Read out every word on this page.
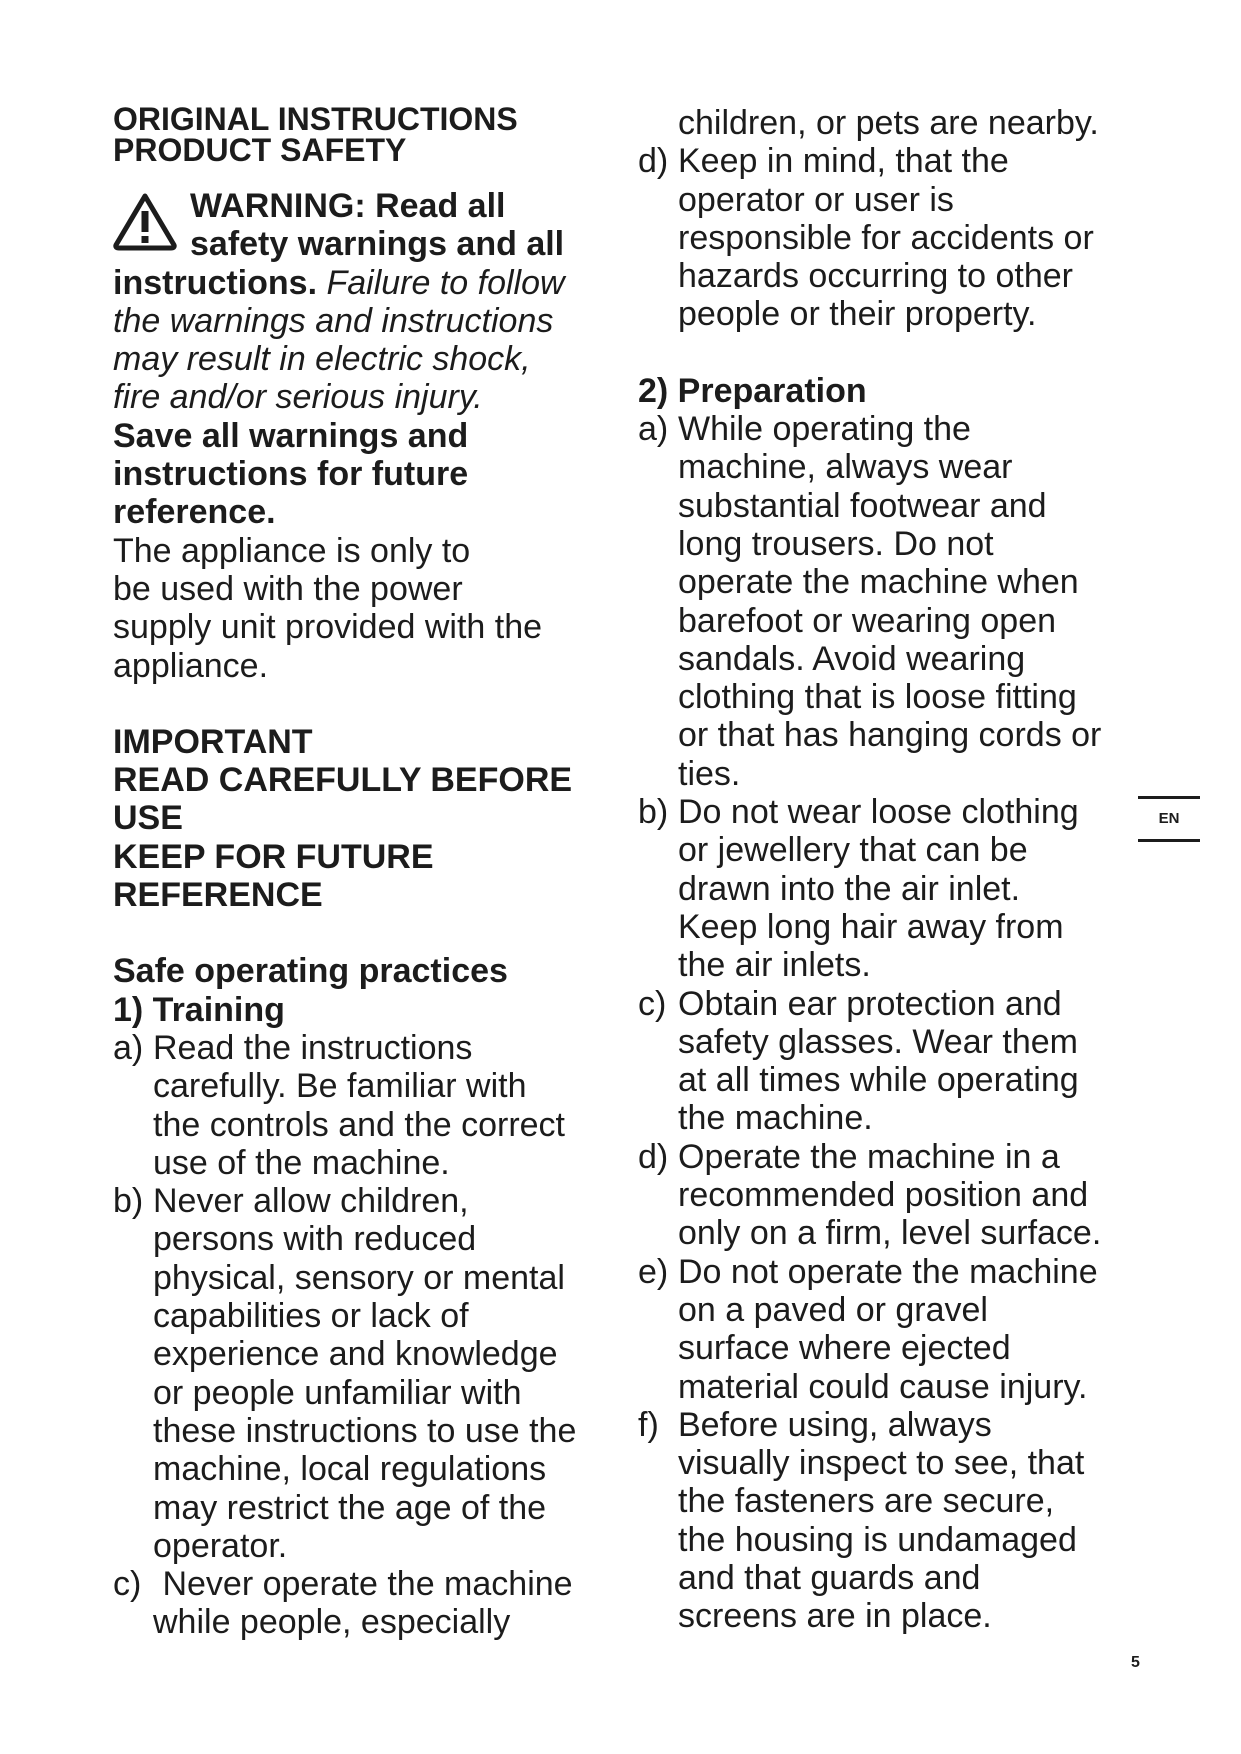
ORIGINAL INSTRUCTIONS
PRODUCT SAFETY
WARNING: Read all
safety warnings and all
instructions. Failure to follow
the warnings and instructions
may result in electric shock,
fire and/or serious injury.
Save all warnings and
instructions for future
reference.
The appliance is only to
be used with the power
supply unit provided with the
appliance.
IMPORTANT
READ CAREFULLY BEFORE
USE
KEEP FOR FUTURE
REFERENCE
Safe operating practices
1) Training
a) Read the instructions
carefully. Be familiar with
the controls and the correct
use of the machine.
b) Never allow children,
persons with reduced
physical, sensory or mental
capabilities or lack of
experience and knowledge
or people unfamiliar with
these instructions to use the
machine, local regulations
may restrict the age of the
operator.
c) Never operate the machine
while people, especially
children, or pets are nearby.
d) Keep in mind, that the
operator or user is
responsible for accidents or
hazards occurring to other
people or their property.
2) Preparation
a) While operating the
machine, always wear
substantial footwear and
long trousers. Do not
operate the machine when
barefoot or wearing open
sandals. Avoid wearing
clothing that is loose fitting
or that has hanging cords or
ties.
b) Do not wear loose clothing
or jewellery that can be
drawn into the air inlet.
Keep long hair away from
the air inlets.
c) Obtain ear protection and
safety glasses. Wear them
at all times while operating
the machine.
d) Operate the machine in a
recommended position and
only on a firm, level surface.
e) Do not operate the machine
on a paved or gravel
surface where ejected
material could cause injury.
f) Before using, always
visually inspect to see, that
the fasteners are secure,
the housing is undamaged
and that guards and
screens are in place.
EN
5
